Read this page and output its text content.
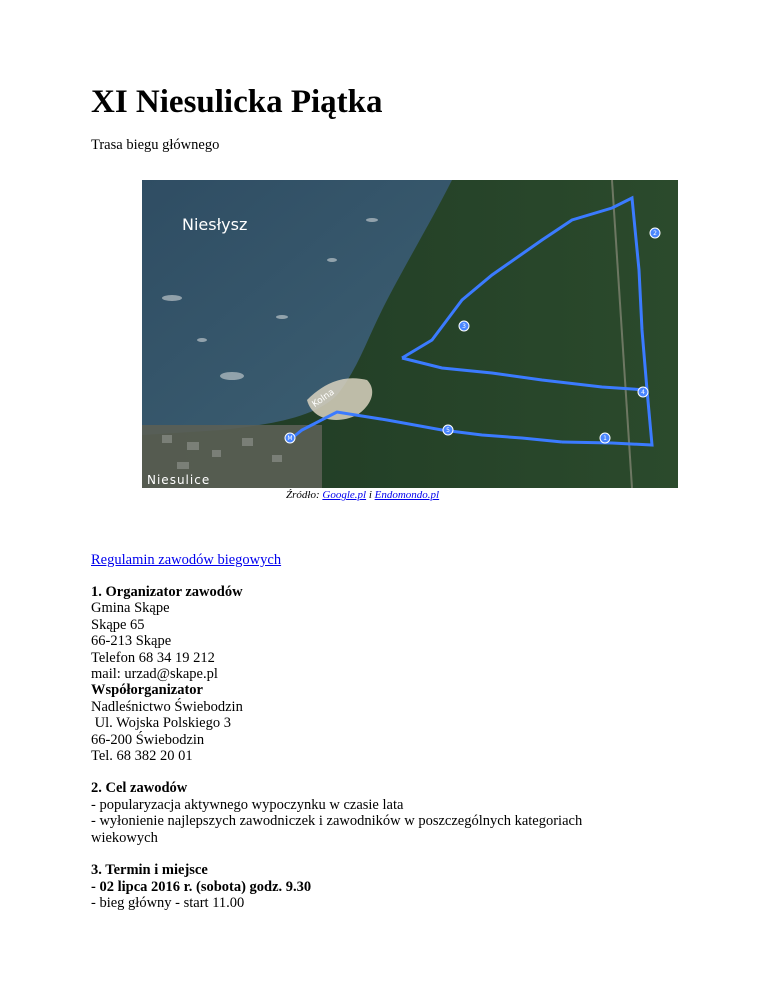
XI Niesulicka Piątka
Trasa biegu głównego
Niesłysz
Niesulice
Kolna
2
3
4
5
1
M
Źródło: Google.pl i Endomondo.pl
Regulamin zawodów biegowych
1. Organizator zawodów
Gmina Skąpe
Skąpe 65
66-213 Skąpe
Telefon 68 34 19 212
mail: urzad@skape.pl
Współorganizator
Nadleśnictwo Świebodzin
Ul. Wojska Polskiego 3
66-200 Świebodzin
Tel. 68 382 20 01
2. Cel zawodów
- popularyzacja aktywnego wypoczynku w czasie lata
- wyłonienie najlepszych zawodniczek i zawodników w poszczególnych kategoriach wiekowych
3. Termin i miejsce
- 02 lipca 2016 r. (sobota) godz. 9.30
- bieg główny - start 11.00
